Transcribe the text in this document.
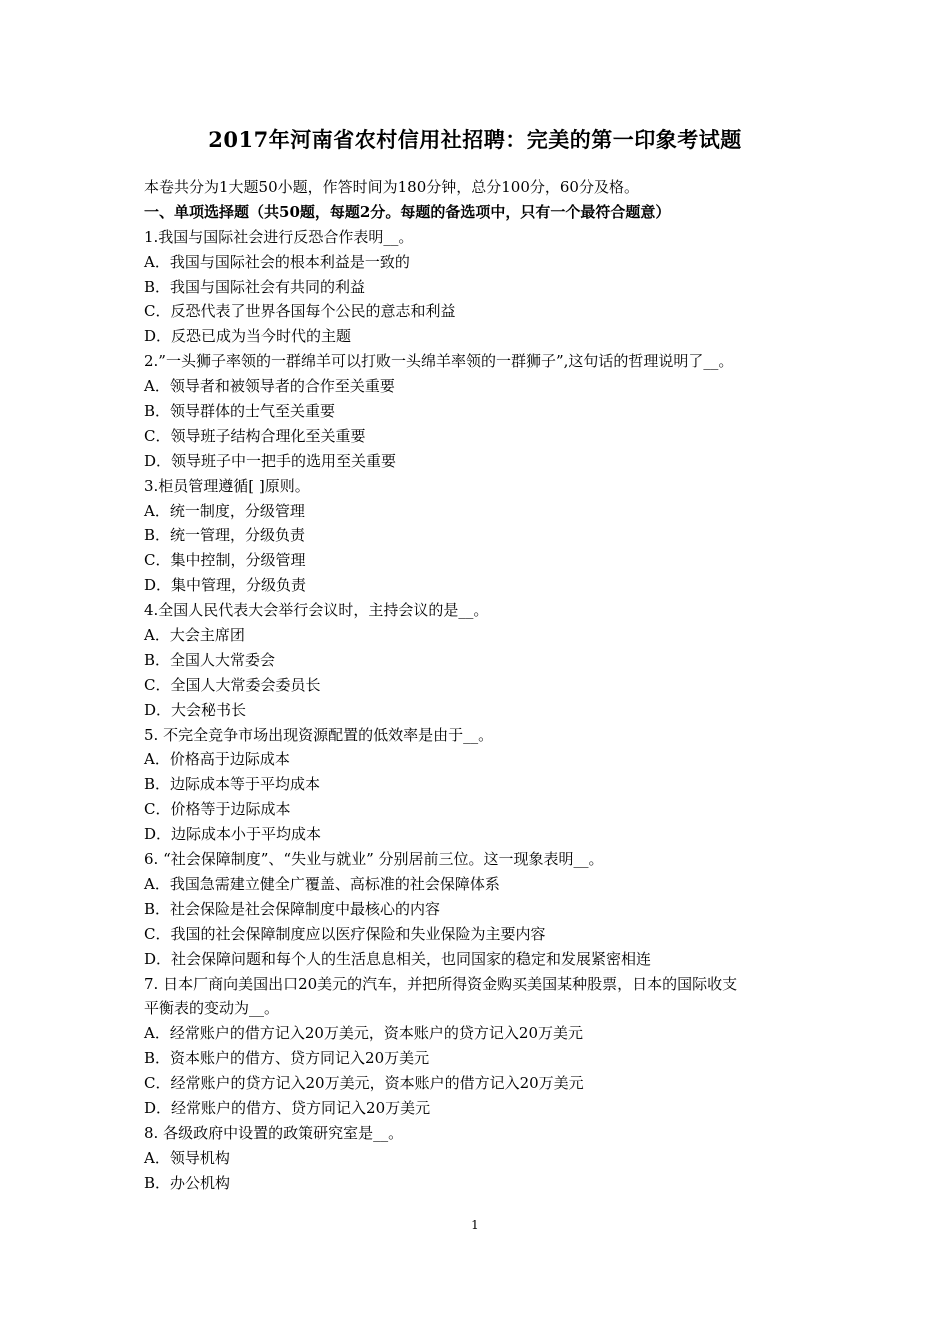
2017年河南省农村信用社招聘：完美的第一印象考试题
本卷共分为1大题50小题，作答时间为180分钟，总分100分，60分及格。
一、单项选择题（共50题，每题2分。每题的备选项中，只有一个最符合题意）
1.我国与国际社会进行反恐合作表明__。
A．我国与国际社会的根本利益是一致的
B．我国与国际社会有共同的利益
C．反恐代表了世界各国每个公民的意志和利益
D．反恐已成为当今时代的主题
2.”一头狮子率领的一群绵羊可以打败一头绵羊率领的一群狮子”,这句话的哲理说明了__。
A．领导者和被领导者的合作至关重要
B．领导群体的士气至关重要
C．领导班子结构合理化至关重要
D．领导班子中一把手的选用至关重要
3.柜员管理遵循[ ]原则。
A．统一制度，分级管理
B．统一管理，分级负责
C．集中控制，分级管理
D．集中管理，分级负责
4.全国人民代表大会举行会议时，主持会议的是__。
A．大会主席团
B．全国人大常委会
C．全国人大常委会委员长
D．大会秘书长
5. 不完全竞争市场出现资源配置的低效率是由于__。
A．价格高于边际成本
B．边际成本等于平均成本
C．价格等于边际成本
D．边际成本小于平均成本
6. “社会保障制度”、“失业与就业” 分别居前三位。这一现象表明__。
A．我国急需建立健全广覆盖、高标准的社会保障体系
B．社会保险是社会保障制度中最核心的内容
C．我国的社会保障制度应以医疗保险和失业保险为主要内容
D．社会保障问题和每个人的生活息息相关，也同国家的稳定和发展紧密相连
7. 日本厂商向美国出口20美元的汽车，并把所得资金购买美国某种股票，日本的国际收支
平衡表的变动为__。
A．经常账户的借方记入20万美元，资本账户的贷方记入20万美元
B．资本账户的借方、贷方同记入20万美元
C．经常账户的贷方记入20万美元，资本账户的借方记入20万美元
D．经常账户的借方、贷方同记入20万美元
8. 各级政府中设置的政策研究室是__。
A．领导机构
B．办公机构
1
